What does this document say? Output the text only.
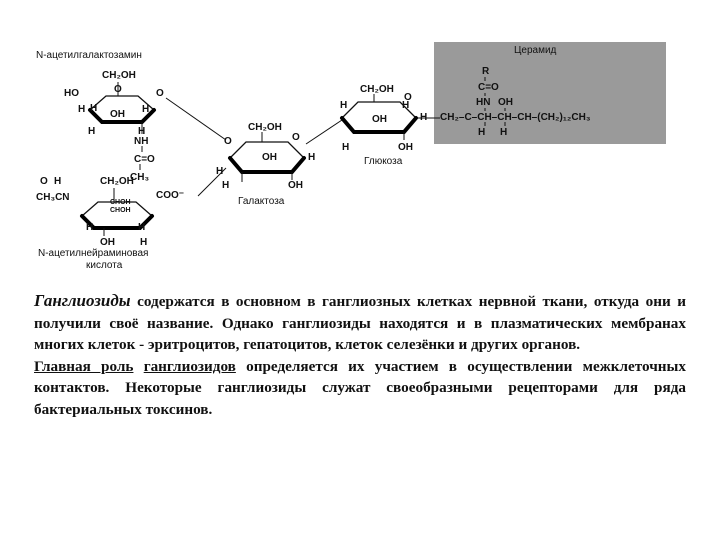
Церамид
R
C=O
HN OH
CH₂–C–CH–CH–CH–(CH₂)₁₂CH₃
H H
N-ацетилгалактозамин
O
CH₂OH
HO
H H
OH H
O
H	H
NH
C=O
CH₃
CH₂OH
CH₃CN
O H
CHOH
CHOH
COO⁻
H	H
OH	H
N-ацетилнейраминовая
кислота
CH₂OH
O	O
H
OH	H
H	OH
Галактоза
CH₂OH
H
O
H
OH	H
H	OH
Глюкоза

Ганглиозиды содержатся в основном в ганглиозных клетках нервной ткани, откуда они и получили своё название. Однако ганглиозиды находятся и в плазматических мембранах многих клеток - эритроцитов, гепатоцитов, клеток селезёнки и других органов.

Главная роль ганглиозидов определяется их участием в осуществлении межклеточных контактов. Некоторые ганглиозиды служат своеобразными рецепторами для ряда бактериальных токсинов.
